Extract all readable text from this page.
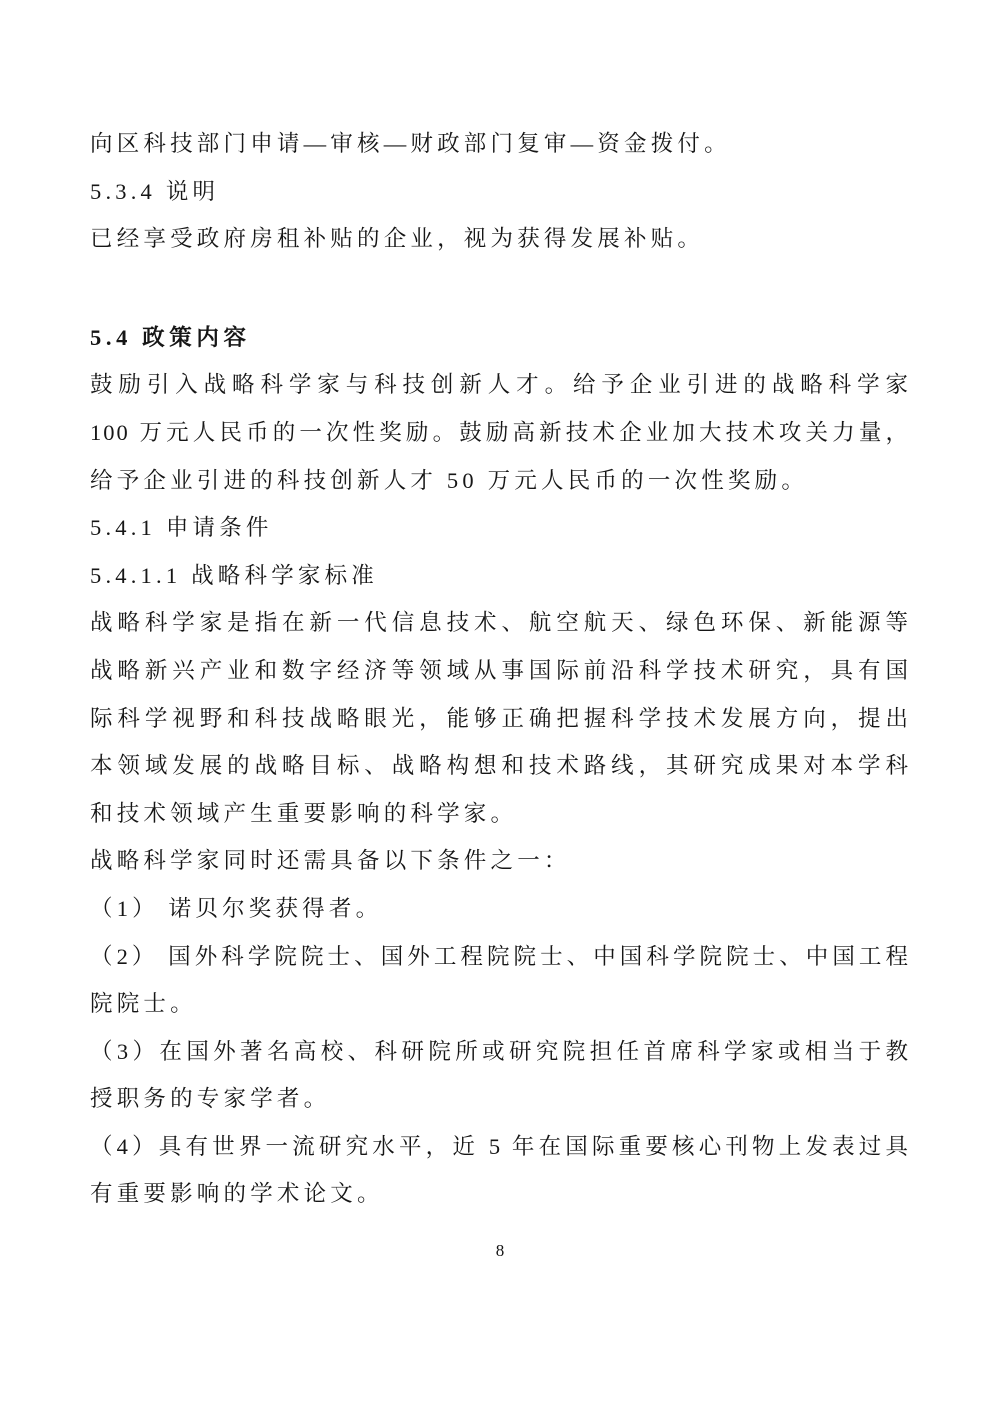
向区科技部门申请—审核—财政部门复审—资金拨付。
5.3.4 说明
已经享受政府房租补贴的企业，视为获得发展补贴。
5.4 政策内容
鼓励引入战略科学家与科技创新人才。给予企业引进的战略科学家
100 万元人民币的一次性奖励。鼓励高新技术企业加大技术攻关力量，
给予企业引进的科技创新人才 50 万元人民币的一次性奖励。
5.4.1 申请条件
5.4.1.1 战略科学家标准
战略科学家是指在新一代信息技术、航空航天、绿色环保、新能源等
战略新兴产业和数字经济等领域从事国际前沿科学技术研究，具有国
际科学视野和科技战略眼光，能够正确把握科学技术发展方向，提出
本领域发展的战略目标、战略构想和技术路线，其研究成果对本学科
和技术领域产生重要影响的科学家。
战略科学家同时还需具备以下条件之一：
（1） 诺贝尔奖获得者。
（2） 国外科学院院士、国外工程院院士、中国科学院院士、中国工程
院院士。
（3）在国外著名高校、科研院所或研究院担任首席科学家或相当于教
授职务的专家学者。
（4）具有世界一流研究水平，近 5 年在国际重要核心刊物上发表过具
有重要影响的学术论文。
8
